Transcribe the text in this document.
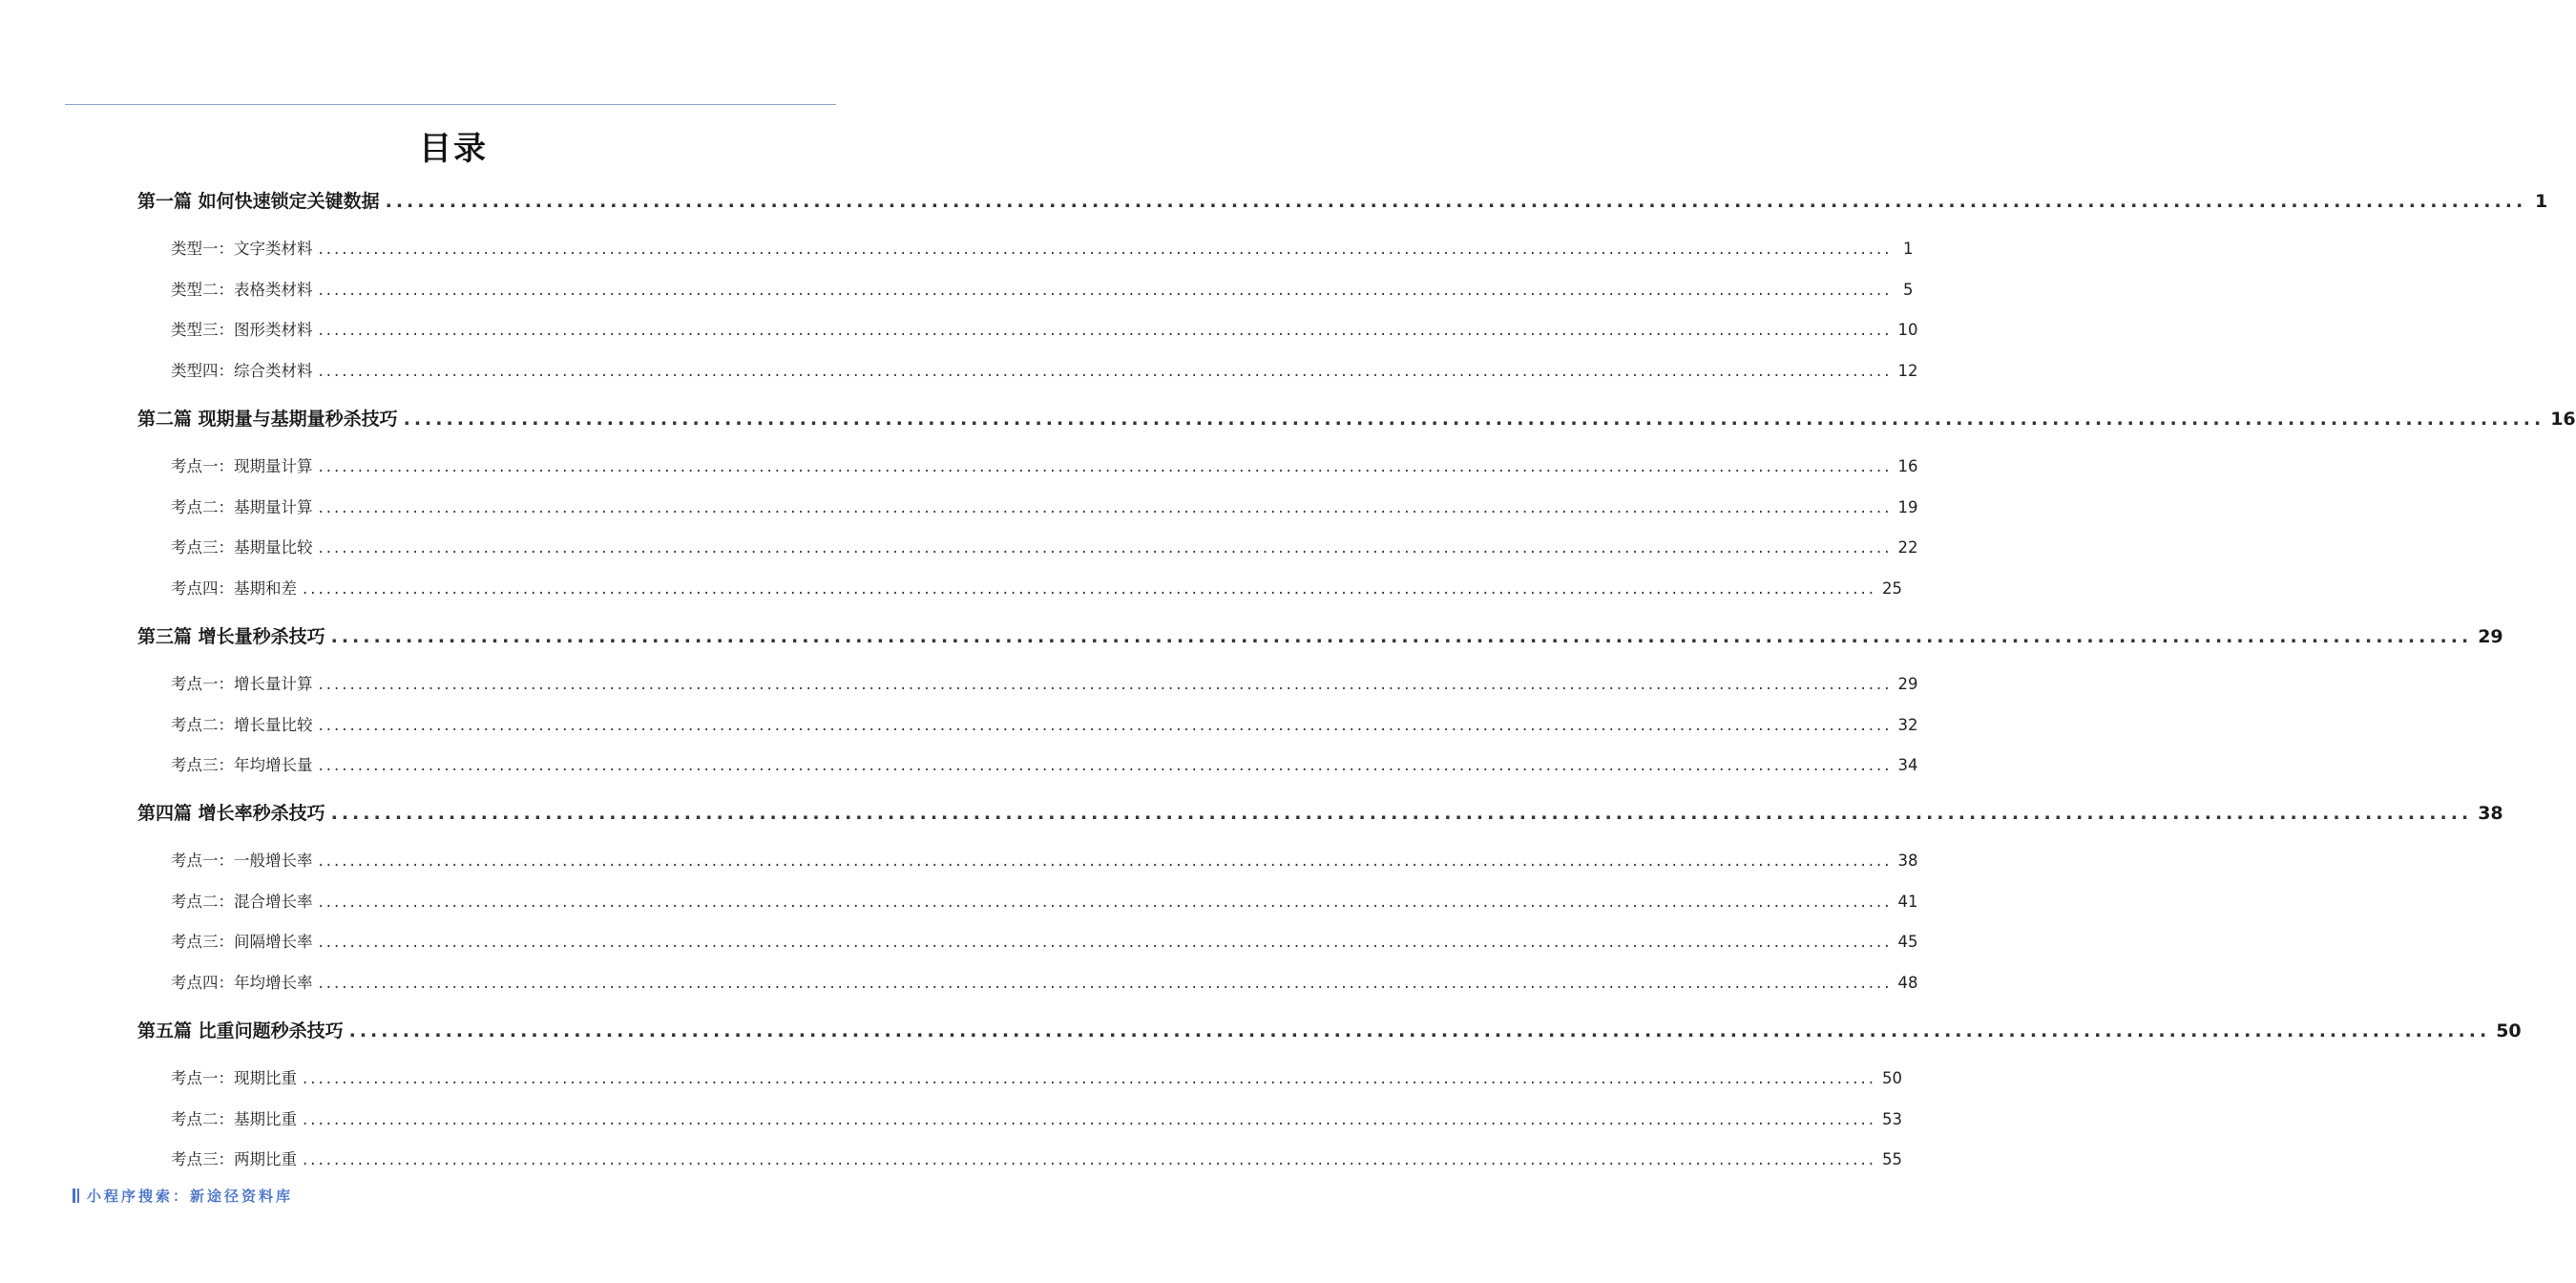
目录
第一篇 如何快速锁定关键数据 ........................................................................................................................................................................................................ 1
类型一：文字类材料 ........................................................................................................................................................................................................ 1
类型二：表格类材料 ........................................................................................................................................................................................................ 5
类型三：图形类材料 ........................................................................................................................................................................................................ 10
类型四：综合类材料 ........................................................................................................................................................................................................ 12
第二篇 现期量与基期量秒杀技巧 ........................................................................................................................................................................................................ 16
考点一：现期量计算 ........................................................................................................................................................................................................ 16
考点二：基期量计算 ........................................................................................................................................................................................................ 19
考点三：基期量比较 ........................................................................................................................................................................................................ 22
考点四：基期和差 ........................................................................................................................................................................................................ 25
第三篇 增长量秒杀技巧 ........................................................................................................................................................................................................ 29
考点一：增长量计算 ........................................................................................................................................................................................................ 29
考点二：增长量比较 ........................................................................................................................................................................................................ 32
考点三：年均增长量 ........................................................................................................................................................................................................ 34
第四篇 增长率秒杀技巧 ........................................................................................................................................................................................................ 38
考点一：一般增长率 ........................................................................................................................................................................................................ 38
考点二：混合增长率 ........................................................................................................................................................................................................ 41
考点三：间隔增长率 ........................................................................................................................................................................................................ 45
考点四：年均增长率 ........................................................................................................................................................................................................ 48
第五篇 比重问题秒杀技巧 ........................................................................................................................................................................................................ 50
考点一：现期比重 ........................................................................................................................................................................................................ 50
考点二：基期比重 ........................................................................................................................................................................................................ 53
考点三：两期比重 ........................................................................................................................................................................................................ 55
小程序搜索：新途径资料库
